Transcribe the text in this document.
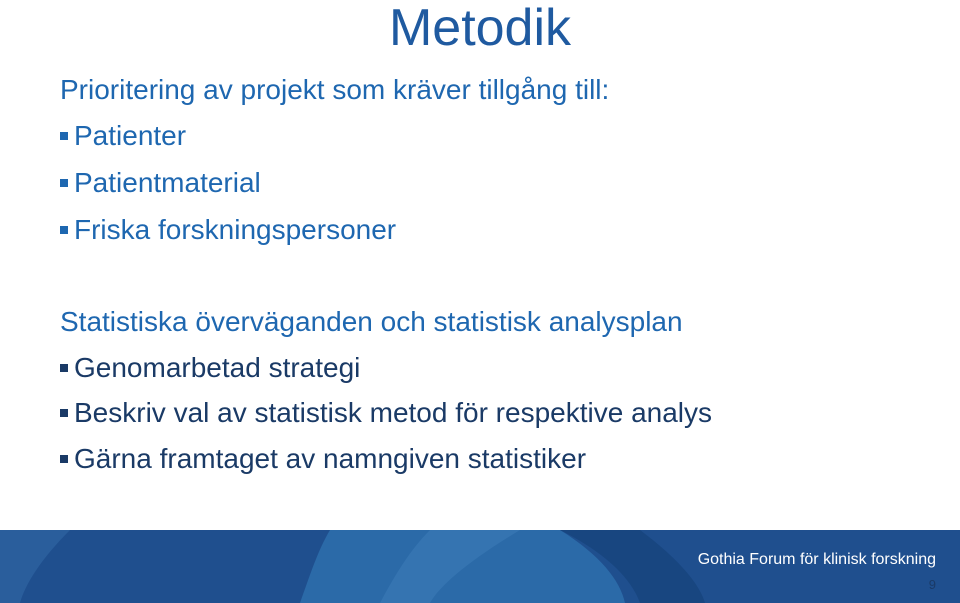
Metodik
Prioritering av projekt som kräver tillgång till:
Patienter
Patientmaterial
Friska forskningspersoner
Statistiska överväganden och statistisk analysplan
Genomarbetad strategi
Beskriv val av statistisk metod för respektive analys
Gärna framtaget av namngiven statistiker
Gothia Forum för klinisk forskning
9
